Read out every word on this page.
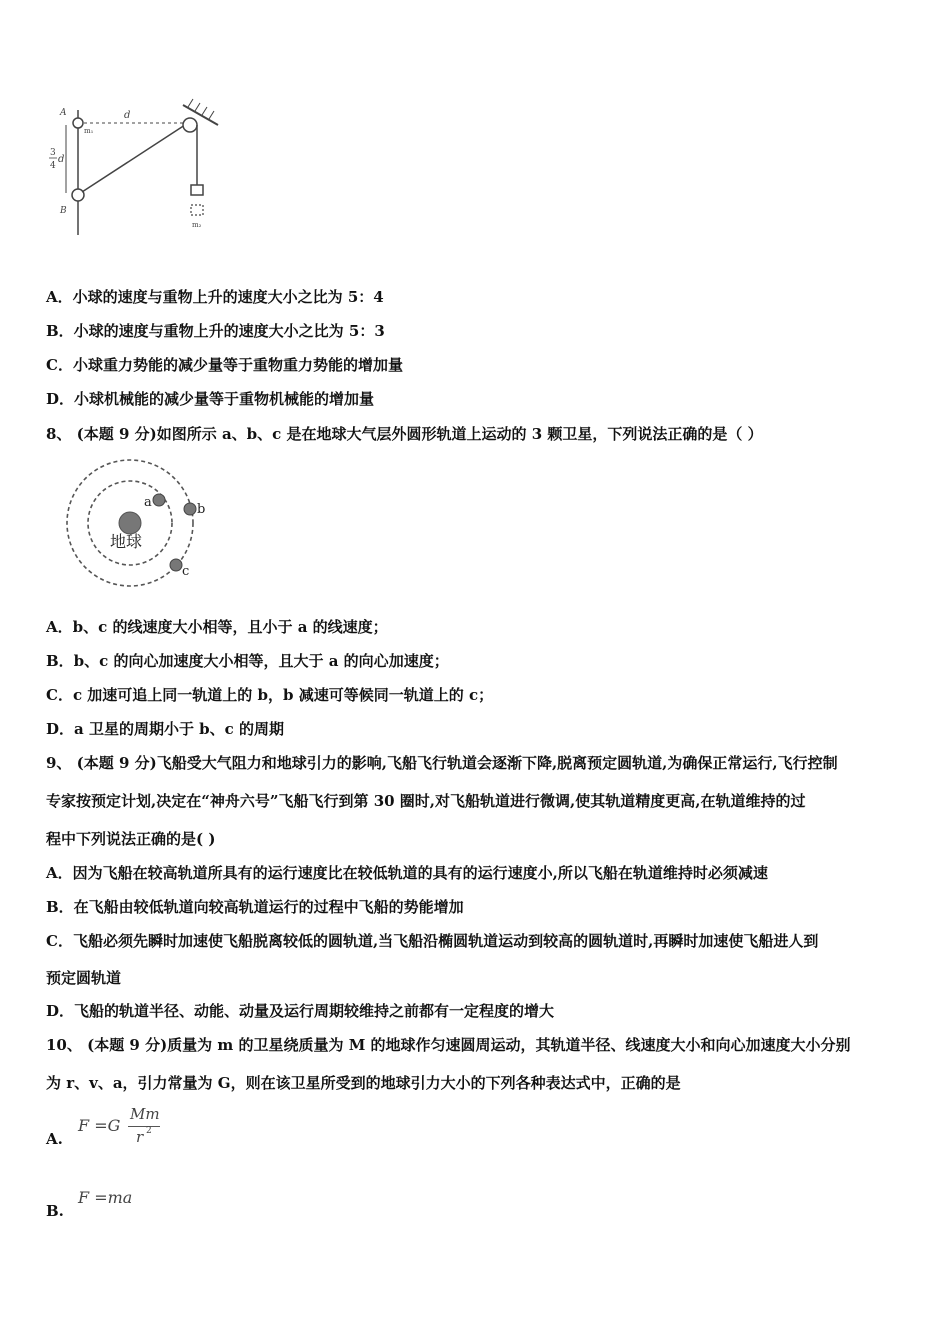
A
B
d
m₁
m₂
3
4
d
A．小球的速度与重物上升的速度大小之比为 5：4
B．小球的速度与重物上升的速度大小之比为 5：3
C．小球重力势能的减少量等于重物重力势能的增加量
D．小球机械能的减少量等于重物机械能的增加量
8、 (本题 9 分)如图所示 a、b、c 是在地球大气层外圆形轨道上运动的 3 颗卫星，下列说法正确的是（ ）
地球
a	b
c
A．b、c 的线速度大小相等，且小于 a 的线速度；
B．b、c 的向心加速度大小相等，且大于 a 的向心加速度；
C．c 加速可追上同一轨道上的 b，b 减速可等候同一轨道上的 c；
D．a 卫星的周期小于 b、c 的周期
9、 (本题 9 分)飞船受大气阻力和地球引力的影响,飞船飞行轨道会逐渐下降,脱离预定圆轨道,为确保正常运行,飞行控制
专家按预定计划,决定在“神舟六号”飞船飞行到第 30 圈时,对飞船轨道进行微调,使其轨道精度更高,在轨道维持的过
程中下列说法正确的是( )
A．因为飞船在较高轨道所具有的运行速度比在较低轨道的具有的运行速度小,所以飞船在轨道维持时必须减速
B．在飞船由较低轨道向较高轨道运行的过程中飞船的势能增加
C．飞船必须先瞬时加速使飞船脱离较低的圆轨道,当飞船沿椭圆轨道运动到较高的圆轨道时,再瞬时加速使飞船进人到
预定圆轨道
D．飞船的轨道半径、动能、动量及运行周期较维持之前都有一定程度的增大
10、 (本题 9 分)质量为 m 的卫星绕质量为 M 的地球作匀速圆周运动，其轨道半径、线速度大小和向心加速度大小分别
为 r、v、a，引力常量为 G，则在该卫星所受到的地球引力大小的下列各种表达式中，正确的是
A.
F =G
Mm
r 2
B.
F =ma
